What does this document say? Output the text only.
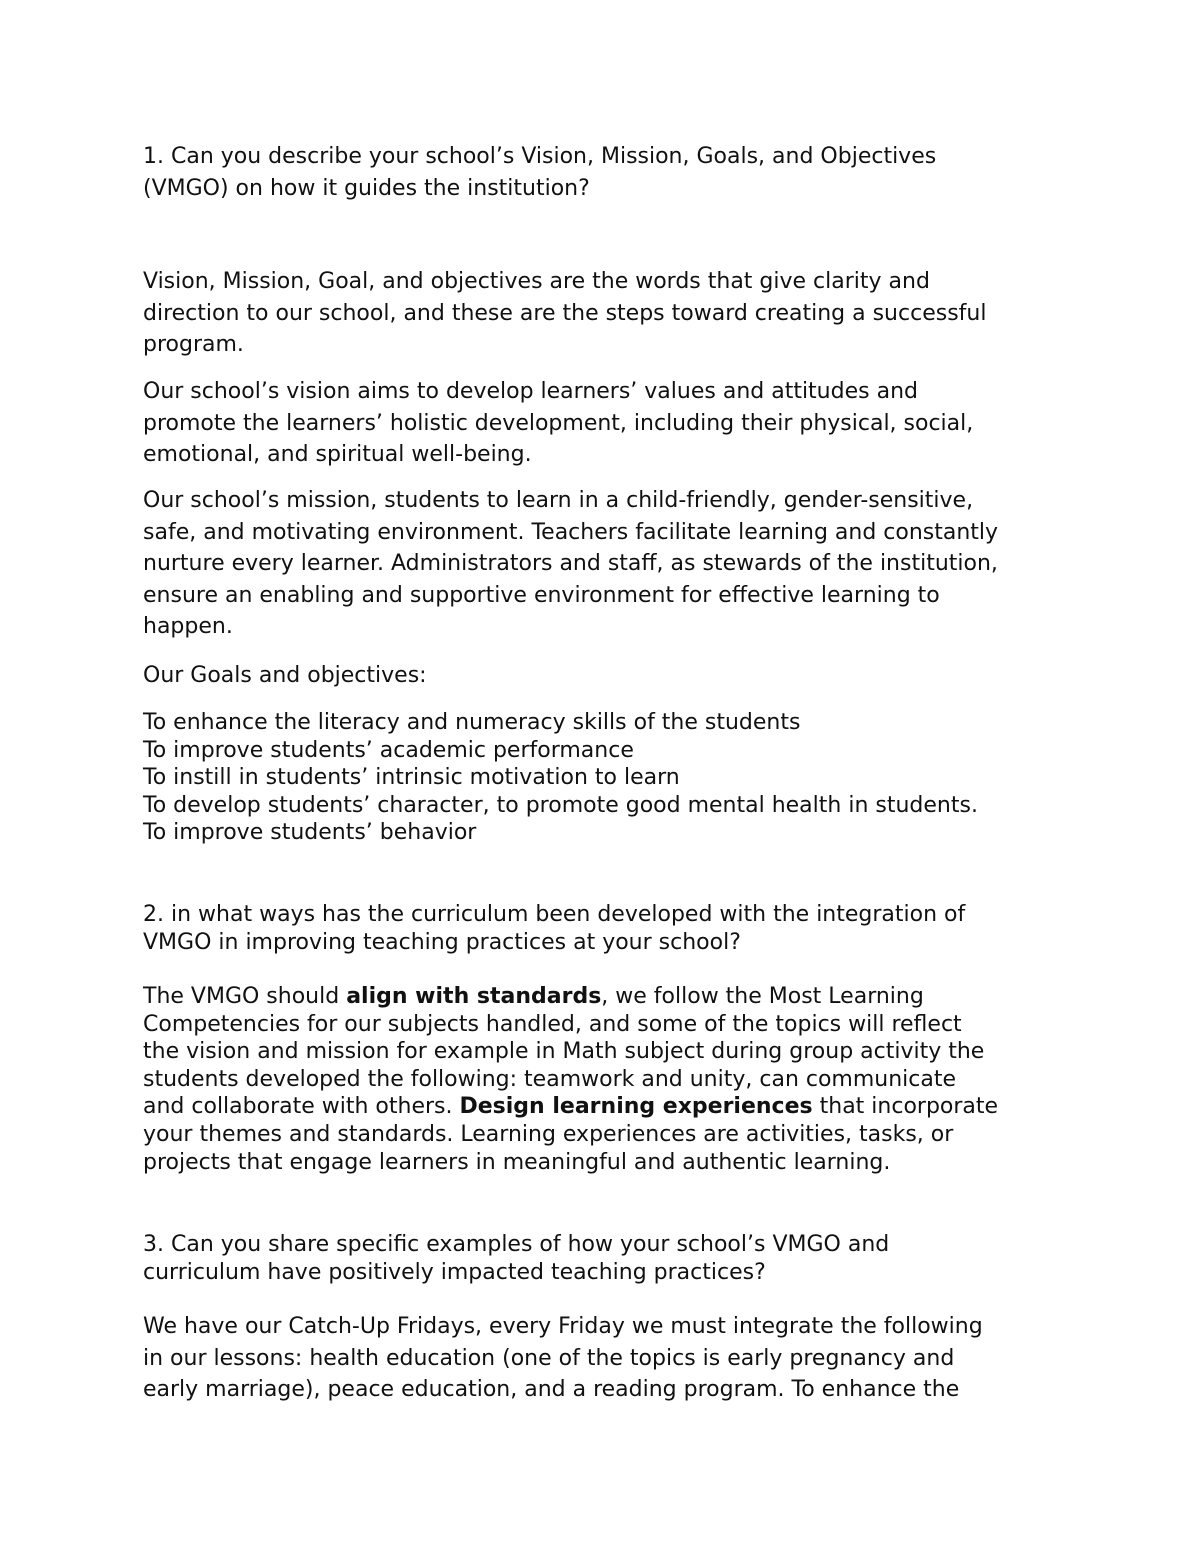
1. Can you describe your school’s Vision, Mission, Goals, and Objectives
(VMGO) on how it guides the institution?
Vision, Mission, Goal, and objectives are the words that give clarity and
direction to our school, and these are the steps toward creating a successful
program.
Our school’s vision aims to develop learners’ values and attitudes and
promote the learners’ holistic development, including their physical, social,
emotional, and spiritual well-being.
Our school’s mission, students to learn in a child-friendly, gender-sensitive,
safe, and motivating environment. Teachers facilitate learning and constantly
nurture every learner. Administrators and staff, as stewards of the institution,
ensure an enabling and supportive environment for effective learning to
happen.
Our Goals and objectives:
To enhance the literacy and numeracy skills of the students
To improve students’ academic performance
To instill in students’ intrinsic motivation to learn
To develop students’ character, to promote good mental health in students.
To improve students’ behavior
2. in what ways has the curriculum been developed with the integration of
VMGO in improving teaching practices at your school?
The VMGO should align with standards, we follow the Most Learning
Competencies for our subjects handled, and some of the topics will reflect
the vision and mission for example in Math subject during group activity the
students developed the following: teamwork and unity, can communicate
and collaborate with others. Design learning experiences that incorporate
your themes and standards. Learning experiences are activities, tasks, or
projects that engage learners in meaningful and authentic learning.
3. Can you share specific examples of how your school’s VMGO and
curriculum have positively impacted teaching practices?
We have our Catch-Up Fridays, every Friday we must integrate the following
in our lessons: health education (one of the topics is early pregnancy and
early marriage), peace education, and a reading program. To enhance the
